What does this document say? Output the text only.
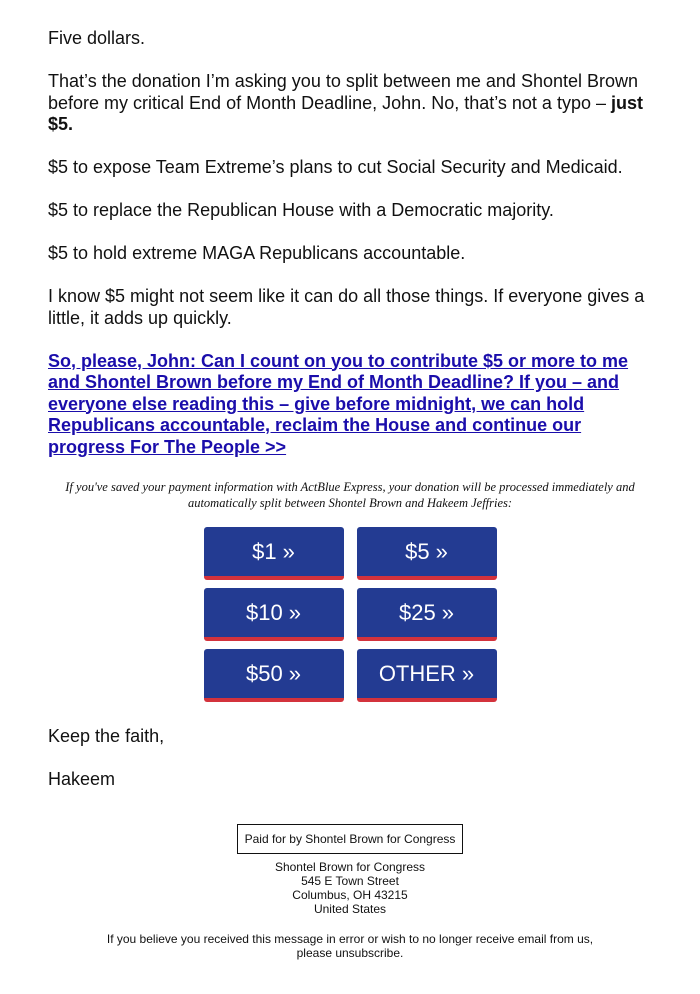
Five dollars.

That’s the donation I’m asking you to split between me and Shontel Brown before my critical End of Month Deadline, John. No, that’s not a typo – just $5.

$5 to expose Team Extreme’s plans to cut Social Security and Medicaid.

$5 to replace the Republican House with a Democratic majority.

$5 to hold extreme MAGA Republicans accountable.

I know $5 might not seem like it can do all those things. If everyone gives a little, it adds up quickly.

So, please, John: Can I count on you to contribute $5 or more to me and Shontel Brown before my End of Month Deadline? If you – and everyone else reading this – give before midnight, we can hold Republicans accountable, reclaim the House and continue our progress For The People >>

If you've saved your payment information with ActBlue Express, your donation will be processed immediately and automatically split between Shontel Brown and Hakeem Jeffries:

$1 »	$5 »
$10 »	$25 »
$50 »	OTHER »

Keep the faith,

Hakeem

Paid for by Shontel Brown for Congress
Shontel Brown for Congress
545 E Town Street
Columbus, OH 43215
United States
If you believe you received this message in error or wish to no longer receive email from us, please unsubscribe.
